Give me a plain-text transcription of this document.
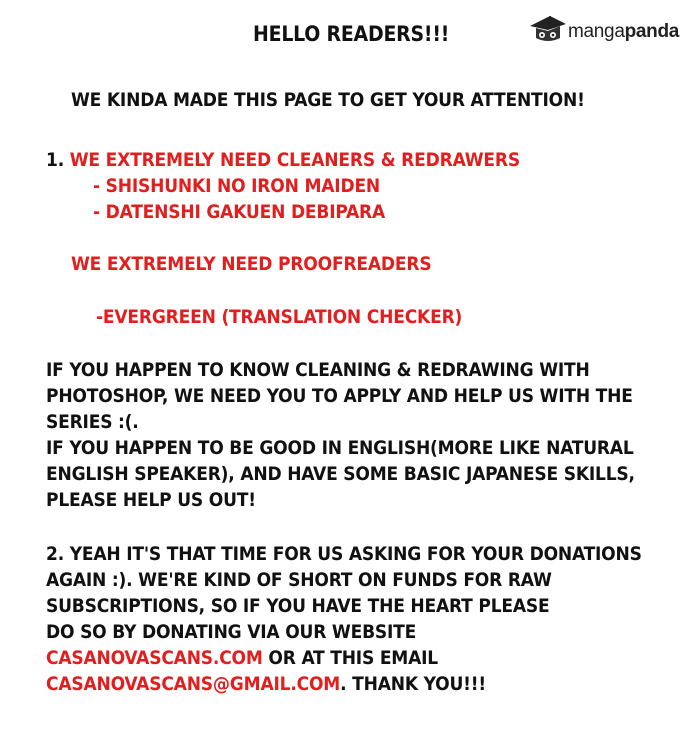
HELLO READERS!!!	mangapanda
WE KINDA MADE THIS PAGE TO GET YOUR ATTENTION!
1. WE EXTREMELY NEED CLEANERS & REDRAWERS
- SHISHUNKI NO IRON MAIDEN
- DATENSHI GAKUEN DEBIPARA
WE EXTREMELY NEED PROOFREADERS
-EVERGREEN (TRANSLATION CHECKER)
IF YOU HAPPEN TO KNOW CLEANING & REDRAWING WITH
PHOTOSHOP, WE NEED YOU TO APPLY AND HELP US WITH THE
SERIES :(.
IF YOU HAPPEN TO BE GOOD IN ENGLISH(MORE LIKE NATURAL
ENGLISH SPEAKER), AND HAVE SOME BASIC JAPANESE SKILLS,
PLEASE HELP US OUT!
2. YEAH IT'S THAT TIME FOR US ASKING FOR YOUR DONATIONS
AGAIN :). WE'RE KIND OF SHORT ON FUNDS FOR RAW
SUBSCRIPTIONS, SO IF YOU HAVE THE HEART PLEASE
DO SO BY DONATING VIA OUR WEBSITE
CASANOVASCANS.COM OR AT THIS EMAIL
CASANOVASCANS@GMAIL.COM. THANK YOU!!!
